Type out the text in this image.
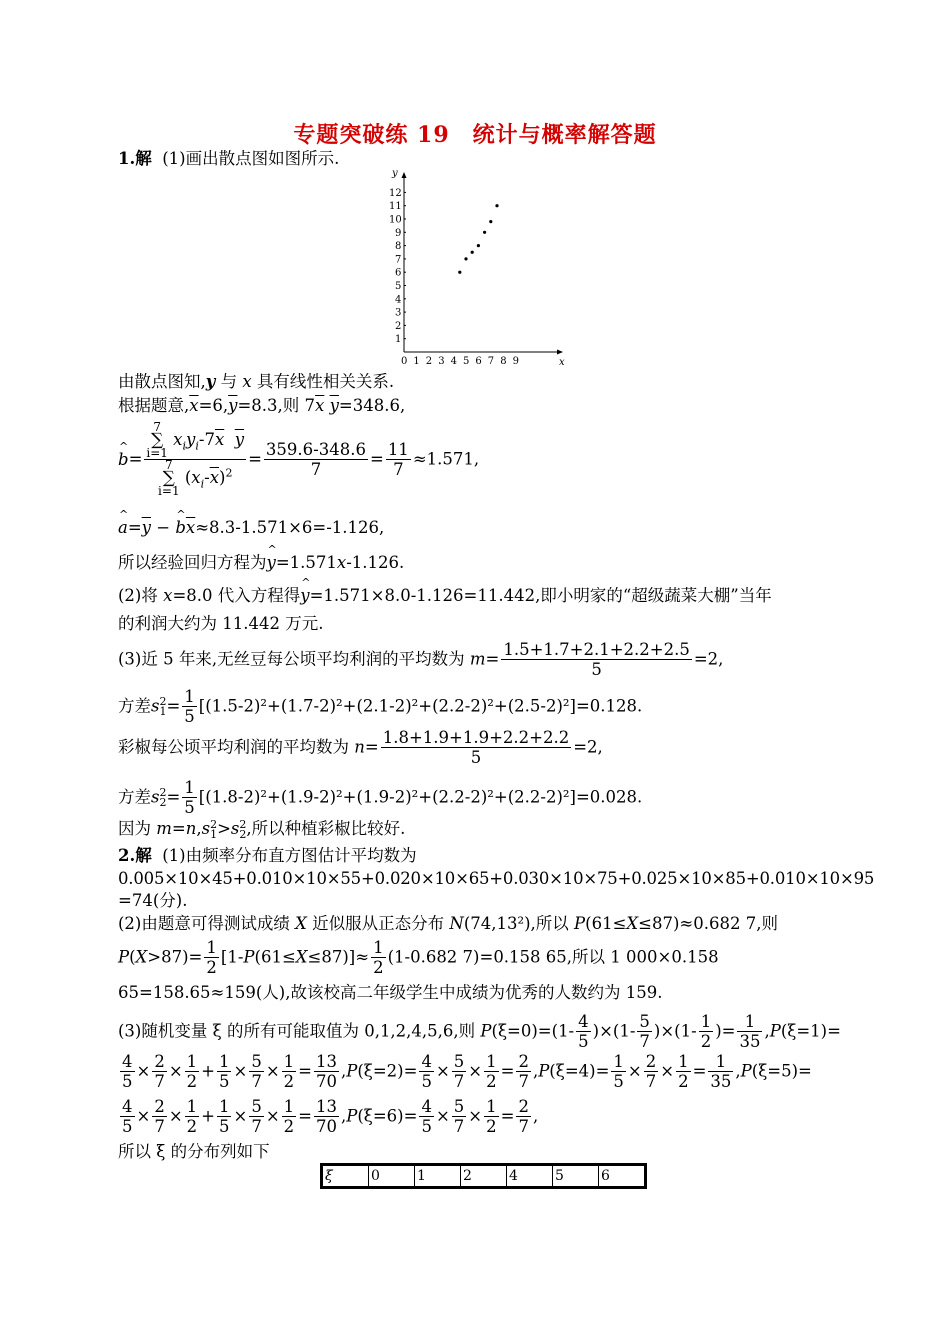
专题突破练 19　统计与概率解答题
1.解 (1)画出散点图如图所示.
x
y
0 1 2 3 4 5 6 7 8 9
1
2
3
4
5
6
7
8
9
10
11
12
由散点图知,y 与 x 具有线性相关关系.
根据题意$,\overline{x}=6,\overline{y}=8.3$,则 $7\overline{x}$ $\overline{y}=348.6$,
^ b= 7
∑
i=1
$x_iy_i-7\overline{x}$ $\overline{y}$
7
∑
i=1
$(x_i-\overline{x})^2 = \frac{359.6-348.6}{7} = \frac{11}{7} \approx 1.571$,
^ $a=\overline{y}$ − ^ $b\overline{x}\approx 8.3-1.571\times 6=-1.126$,
所以经验回归方程为^ y=1.571x-1.126.
(2)将 x=8.0 代入方程得^ y=1.571×8.0-1.126=11.442,即小明家的“超级蔬菜大棚”当年
的利润大约为 11.442 万元.
(3)近 5 年来,无丝豆每公顷平均利润的平均数为 $m= \frac{1.5+1.7+2.1+2.2+2.5}{5} =2$,
方差s 2
$1 = \frac{1}{5} [(1.5-2)^2+(1.7-2)^2+(2.1-2)^2+(2.2-2)^2+(2.5-2)^2]=0.128$.
彩椒每公顷平均利润的平均数为 $n= \frac{1.8+1.9+1.9+2.2+2.2}{5} =2$,
方差s 2
$2 = \frac{1}{5} [(1.8-2)^2+(1.9-2)^2+(1.9-2)^2+(2.2-2)^2+(2.2-2)^2]=0.028$.
因为 m=n,s 2
1 >s 2
2 ,所以种植彩椒比较好.
2.解 (1)由频率分布直方图估计平均数为
0.005×10×45+0.010×10×55+0.020×10×65+0.030×10×75+0.025×10×85+0.010×10×95
=74(分).
(2)由题意可得测试成绩 X 近似服从正态分布 N(74,13²),所以 P(61≤X≤87)≈0.682 7,则
$P(X>87)= \frac{1}{2} [1-P(61\le X\le 87)]\approx \frac{1}{2} (1-0.682$ 7)=0.158 65,所以 1 000×0.158
65=158.65≈159(人),故该校高二年级学生中成绩为优秀的人数约为 159.
(3)随机变量 ξ 的所有可能取值为 0,1,2,4,5,6,则 $P(\xi=0)=(1- \frac{4}{5} )\times(1- \frac{5}{7} )\times(1- \frac{1}{2}$ )= $\frac{1}{35} ,P(\xi=1)=$
$\frac{4}{5} \times \frac{2}{7} \times \frac{1}{2} + \frac{1}{5} \times \frac{5}{7} \times \frac{1}{2} = \frac{13}{70} ,P(\xi=2)= \frac{4}{5} \times \frac{5}{7} \times \frac{1}{2} = \frac{2}{7} ,P(\xi=4)= \frac{1}{5} \times \frac{2}{7} \times \frac{1}{2} = \frac{1}{35} ,P(\xi=5)=$
$\frac{4}{5} \times \frac{2}{7} \times \frac{1}{2} + \frac{1}{5} \times \frac{5}{7} \times \frac{1}{2} = \frac{13}{70} ,P(\xi=6)= \frac{4}{5} \times \frac{5}{7} \times \frac{1}{2} = \frac{2}{7}$ ,
所以 ξ 的分布列如下
ξ	0	1	2	4	5	6
